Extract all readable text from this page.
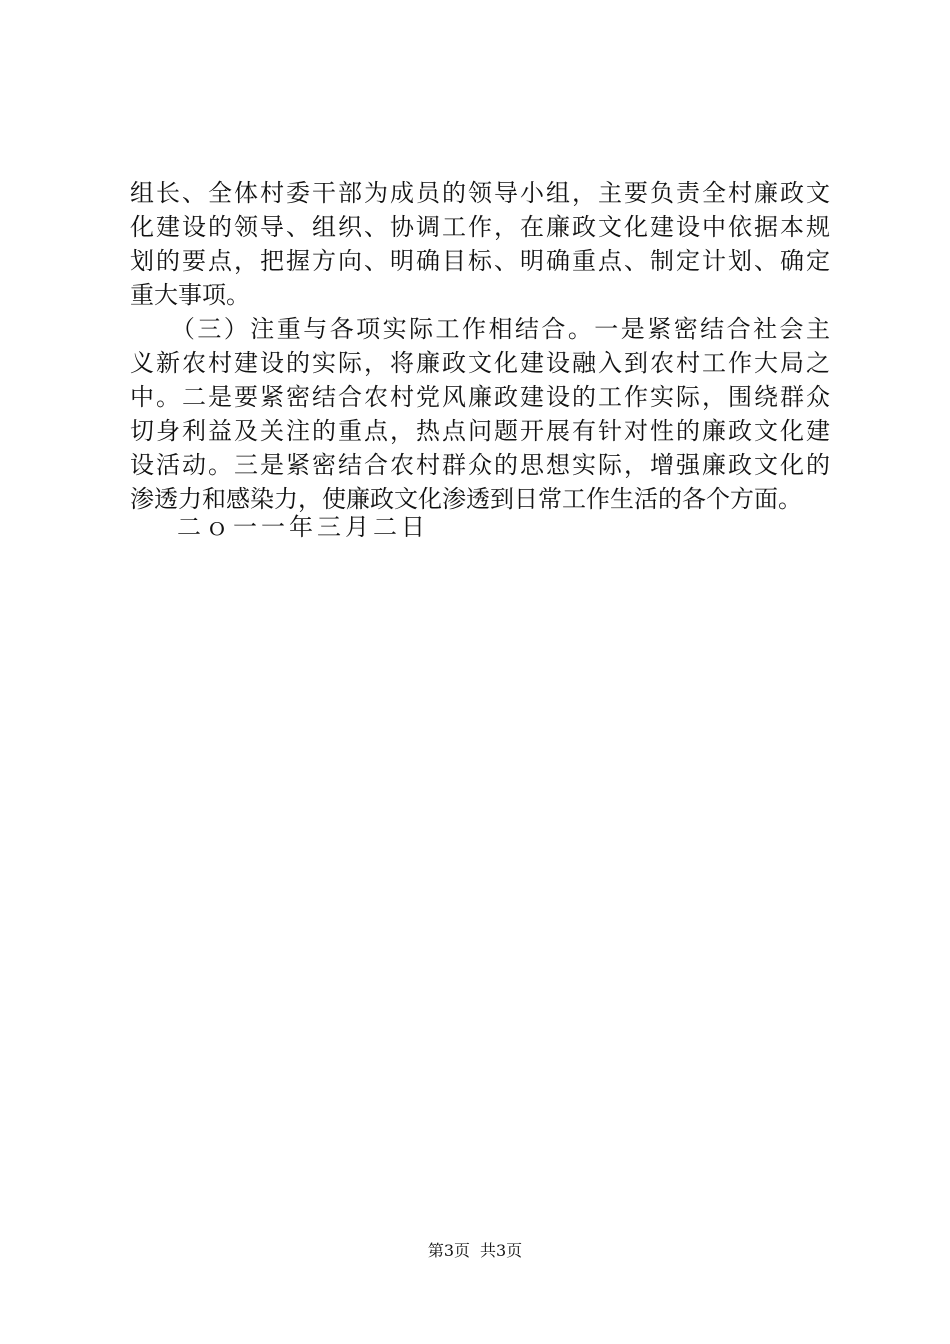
组长、全体村委干部为成员的领导小组，主要负责全村廉政文
化建设的领导、组织、协调工作，在廉政文化建设中依据本规
划的要点，把握方向、明确目标、明确重点、制定计划、确定
重大事项。
　　（三）注重与各项实际工作相结合。一是紧密结合社会主
义新农村建设的实际，将廉政文化建设融入到农村工作大局之
中。二是要紧密结合农村党风廉政建设的工作实际，围绕群众
切身利益及关注的重点，热点问题开展有针对性的廉政文化建
设活动。三是紧密结合农村群众的思想实际，增强廉政文化的
渗透力和感染力，使廉政文化渗透到日常工作生活的各个方面。
二ｏ一一年三月二日
第3页 共3页
